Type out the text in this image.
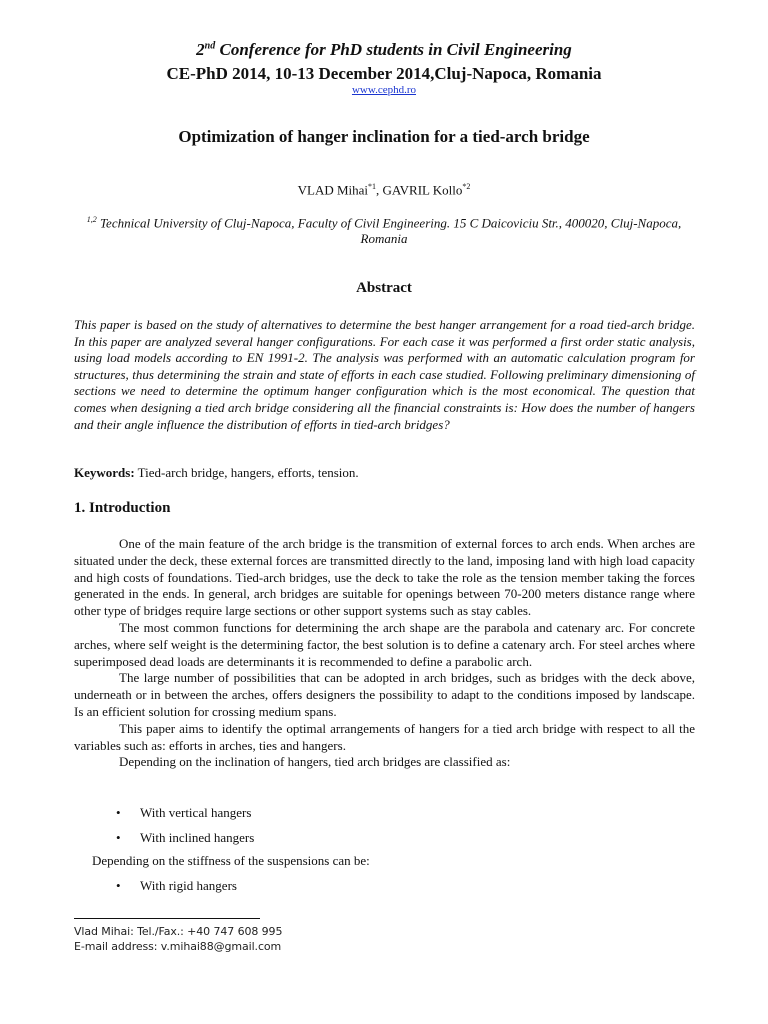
2nd Conference for PhD students in Civil Engineering
CE-PhD 2014, 10-13 December 2014,Cluj-Napoca, Romania
www.cephd.ro
Optimization of hanger inclination for a tied-arch bridge
VLAD Mihai$^{*1}$, GAVRIL Kollo$^{*2}$
$^{1,2}$ Technical University of Cluj-Napoca, Faculty of Civil Engineering. 15 C Daicoviciu Str., 400020, Cluj-Napoca, Romania
Abstract
This paper is based on the study of alternatives to determine the best hanger arrangement for a road tied-arch bridge. In this paper are analyzed several hanger configurations. For each case it was performed a first order static analysis, using load models according to EN 1991-2. The analysis was performed with an automatic calculation program for structures, thus determining the strain and state of efforts in each case studied. Following preliminary dimensioning of sections we need to determine the optimum hanger configuration which is the most economical. The question that comes when designing a tied arch bridge considering all the financial constraints is: How does the number of hangers and their angle influence the distribution of efforts in tied-arch bridges?
Keywords: Tied-arch bridge, hangers, efforts, tension.
1. Introduction

One of the main feature of the arch bridge is the transmition of external forces to arch ends. When arches are situated under the deck, these external forces are transmitted directly to the land, imposing land with high load capacity and high costs of foundations. Tied-arch bridges, use the deck to take the role as the tension member taking the forces generated in the ends. In general, arch bridges are suitable for openings between 70-200 meters distance range where other type of bridges require large sections or other support systems such as stay cables.

The most common functions for determining the arch shape are the parabola and catenary arc. For concrete arches, where self weight is the determining factor, the best solution is to define a catenary arch. For steel arches where superimposed dead loads are determinants it is recommended to define a parabolic arch.

The large number of possibilities that can be adopted in arch bridges, such as bridges with the deck above, underneath or in between the arches, offers designers the possibility to adapt to the conditions imposed by landscape. Is an efficient solution for crossing medium spans.

This paper aims to identify the optimal arrangements of hangers for a tied arch bridge with respect to all the variables such as: efforts in arches, ties and hangers.

Depending on the inclination of hangers, tied arch bridges are classified as:

• With vertical hangers
• With inclined hangers
Depending on the stiffness of the suspensions can be:
• With rigid hangers
Vlad Mihai: Tel./Fax.: +40 747 608 995
E-mail address: v.mihai88@gmail.com
